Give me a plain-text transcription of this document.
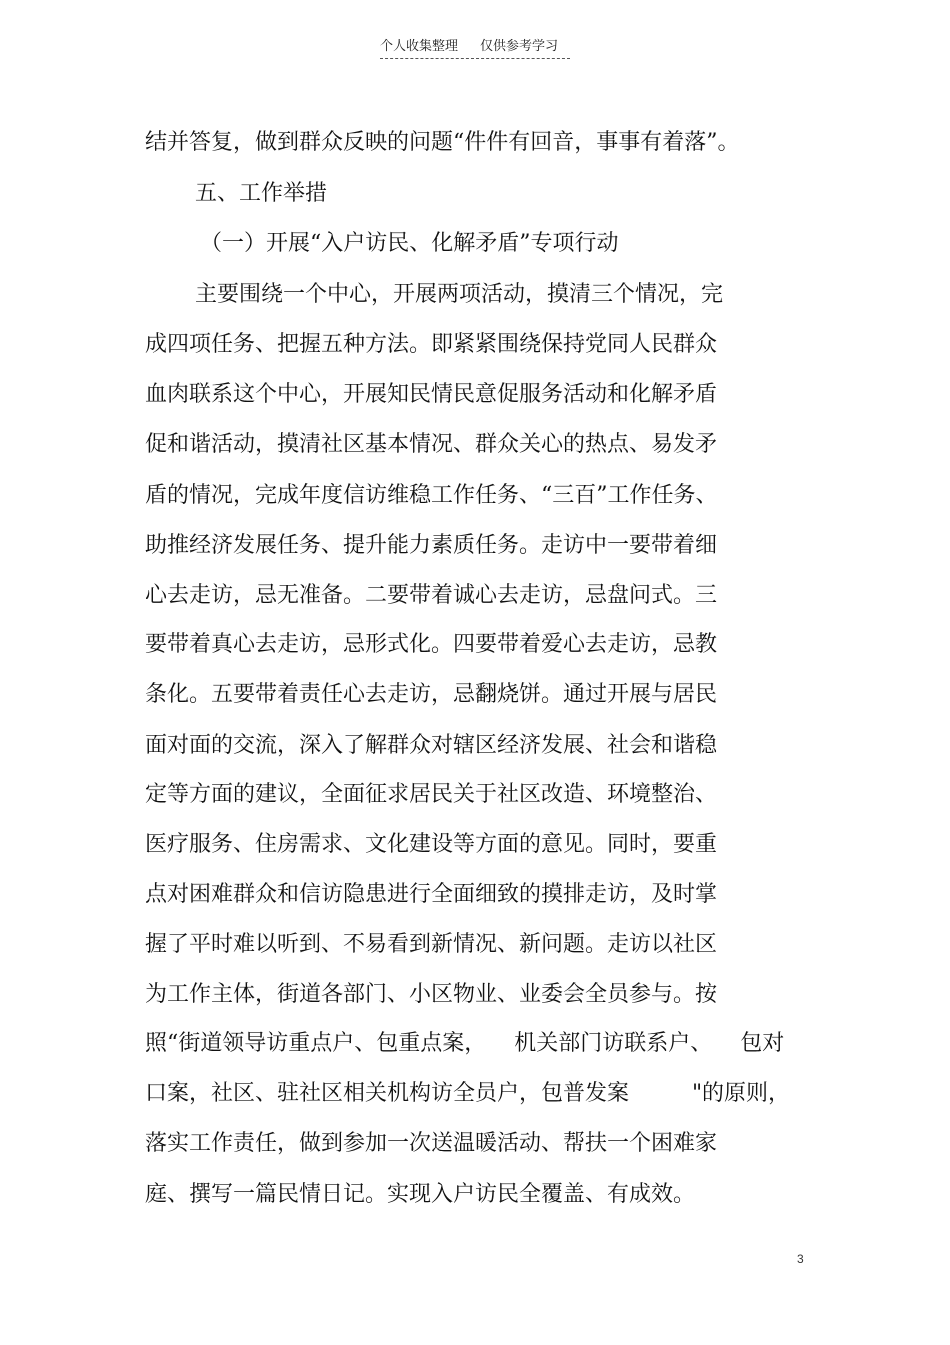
个人收集整理 仅供参考学习
结并答复，做到群众反映的问题“件件有回音，事事有着落”。
五、工作举措
（一）开展“入户访民、化解矛盾”专项行动
主要围绕一个中心，开展两项活动，摸清三个情况，完
成四项任务、把握五种方法。即紧紧围绕保持党同人民群众
血肉联系这个中心，开展知民情民意促服务活动和化解矛盾
促和谐活动，摸清社区基本情况、群众关心的热点、易发矛
盾的情况，完成年度信访维稳工作任务、“三百”工作任务、
助推经济发展任务、提升能力素质任务。走访中一要带着细
心去走访，忌无准备。二要带着诚心去走访，忌盘问式。三
要带着真心去走访，忌形式化。四要带着爱心去走访，忌教
条化。五要带着责任心去走访，忌翻烧饼。通过开展与居民
面对面的交流，深入了解群众对辖区经济发展、社会和谐稳
定等方面的建议，全面征求居民关于社区改造、环境整治、
医疗服务、住房需求、文化建设等方面的意见。同时，要重
点对困难群众和信访隐患进行全面细致的摸排走访，及时掌
握了平时难以听到、不易看到新情况、新问题。走访以社区
为工作主体，街道各部门、小区物业、业委会全员参与。按
照“街道领导访重点户、包重点案，    机关部门访联系户、    包对
口案，社区、驻社区相关机构访全员户，包普发案         "的原则，
落实工作责任，做到参加一次送温暖活动、帮扶一个困难家
庭、撰写一篇民情日记。实现入户访民全覆盖、有成效。
3
